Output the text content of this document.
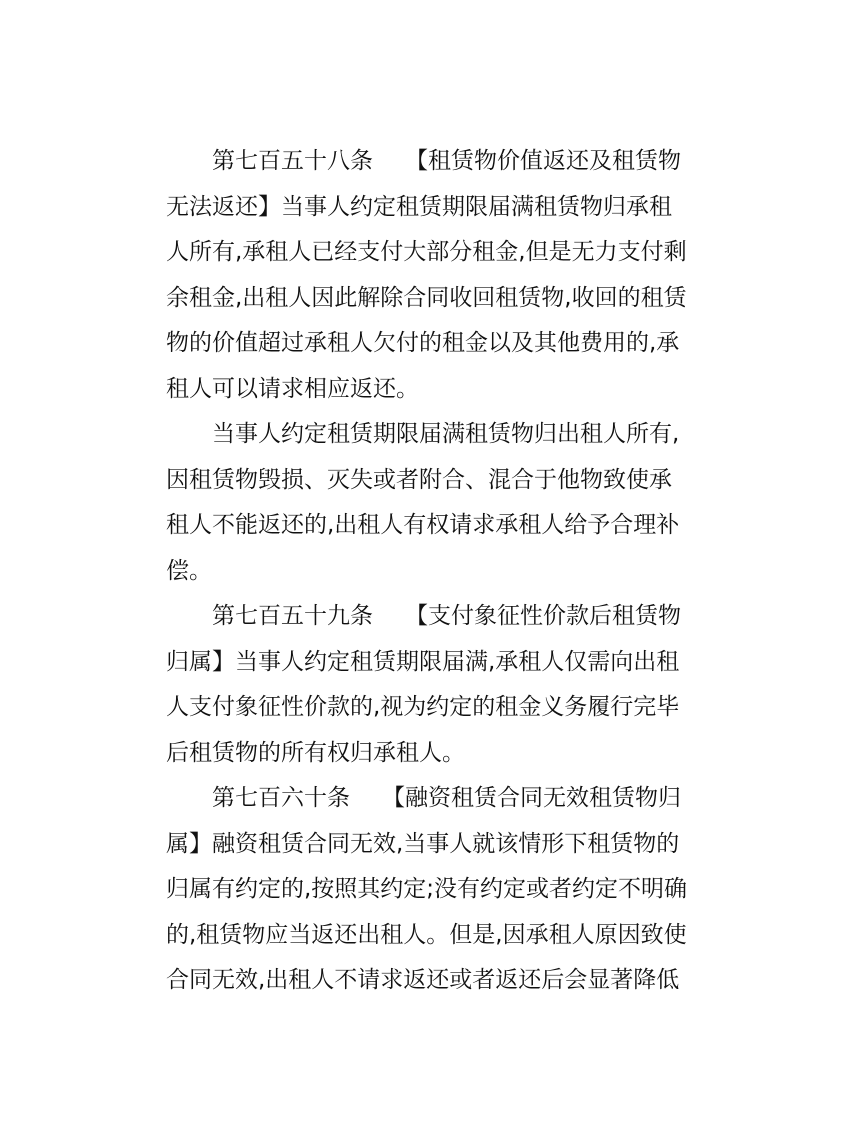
第七百五十八条 【租赁物价值返还及租赁物
无法返还】当事人约定租赁期限届满租赁物归承租
人所有,承租人已经支付大部分租金,但是无力支付剩
余租金,出租人因此解除合同收回租赁物,收回的租赁
物的价值超过承租人欠付的租金以及其他费用的,承
租人可以请求相应返还。
当事人约定租赁期限届满租赁物归出租人所有,
因租赁物毁损、灭失或者附合、混合于他物致使承
租人不能返还的,出租人有权请求承租人给予合理补
偿。
第七百五十九条 【支付象征性价款后租赁物
归属】当事人约定租赁期限届满,承租人仅需向出租
人支付象征性价款的,视为约定的租金义务履行完毕
后租赁物的所有权归承租人。
第七百六十条 【融资租赁合同无效租赁物归
属】融资租赁合同无效,当事人就该情形下租赁物的
归属有约定的,按照其约定;没有约定或者约定不明确
的,租赁物应当返还出租人。但是,因承租人原因致使
合同无效,出租人不请求返还或者返还后会显著降低
